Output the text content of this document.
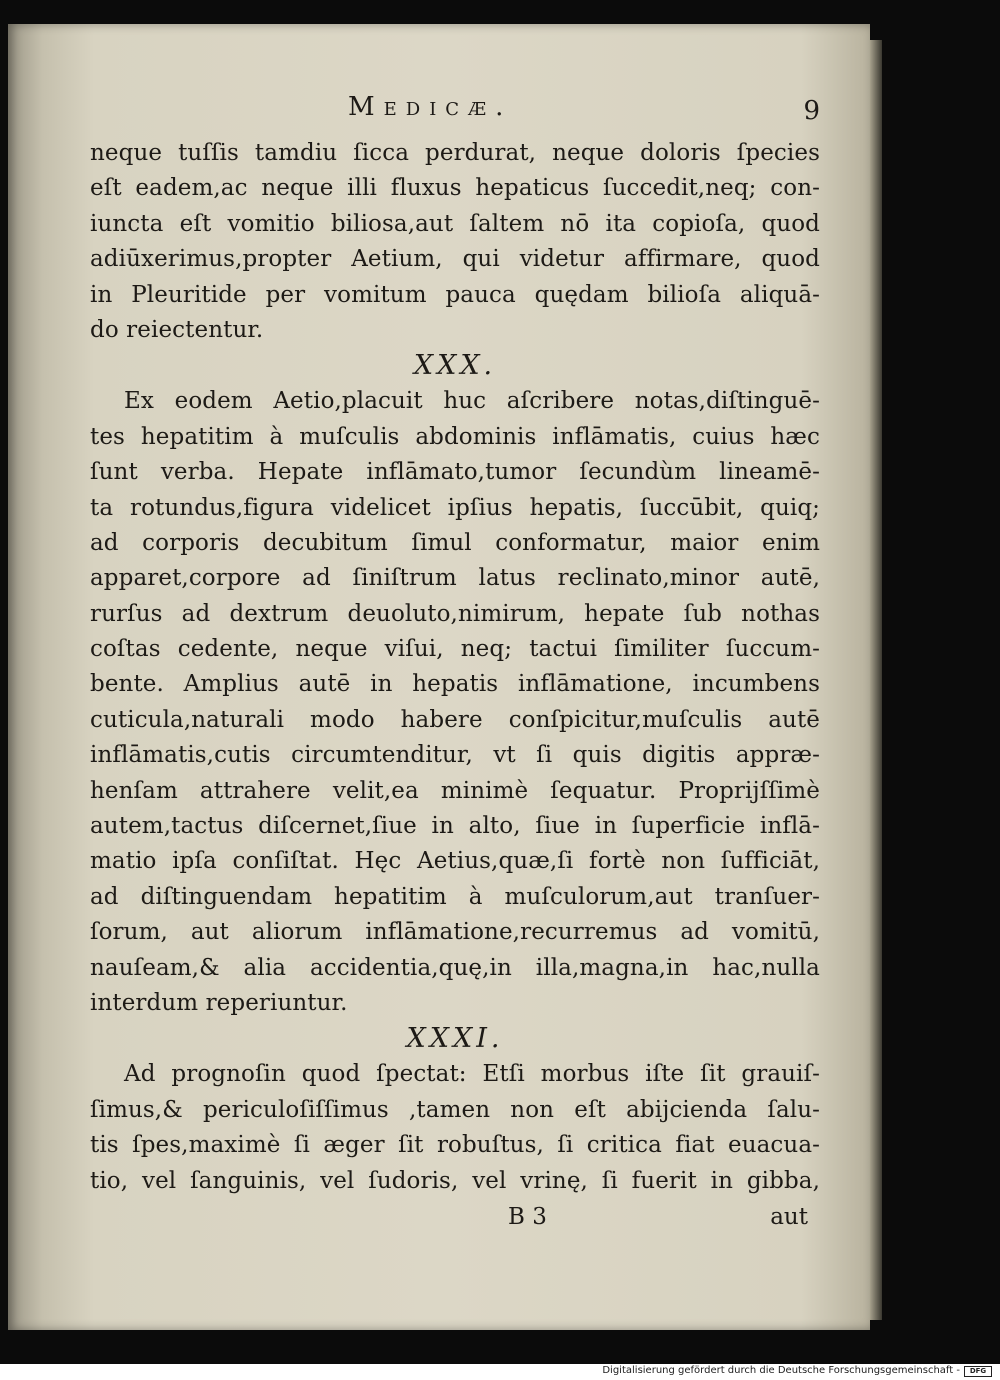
Medicæ.	9
neque tuſſis tamdiu ſicca perdurat, neque doloris ſpecies
eſt eadem,ac neque illi fluxus hepaticus ſuccedit,neq; con-
iuncta eſt vomitio biliosa,aut ſaltem nō ita copioſa, quod
adiūxerimus,propter Aetium, qui videtur affirmare, quod
in Pleuritide per vomitum pauca quędam bilioſa aliquā-
do reiectentur.
XXX.
Ex eodem Aetio,placuit huc aſcribere notas,diſtinguē-
tes hepatitim à muſculis abdominis inflāmatis, cuius hæc
ſunt verba. Hepate inflāmato,tumor ſecundùm lineamē-
ta rotundus,figura videlicet ipſius hepatis, ſuccūbit, quiq;
ad corporis decubitum ſimul conformatur, maior enim
apparet,corpore ad ſiniſtrum latus reclinato,minor autē,
rurſus ad dextrum deuoluto,nimirum, hepate ſub nothas
coſtas cedente, neque viſui, neq; tactui ſimiliter ſuccum-
bente. Amplius autē in hepatis inflāmatione, incumbens
cuticula,naturali modo habere conſpicitur,muſculis autē
inflāmatis,cutis circumtenditur, vt ſi quis digitis appræ-
henſam attrahere velit,ea minimè ſequatur. Proprijſſimè
autem,tactus diſcernet,ſiue in alto, ſiue in ſuperficie inflā-
matio ipſa conſiſtat. Hęc Aetius,quæ,ſi fortè non ſufficiāt,
ad diſtinguendam hepatitim à muſculorum,aut tranſuer-
ſorum, aut aliorum inflāmatione,recurremus ad vomitū,
nauſeam,& alia accidentia,quę,in illa,magna,in hac,nulla
interdum reperiuntur.
XXXI.
Ad prognoſin quod ſpectat: Etſi morbus iſte ſit grauiſ-
ſimus,& periculoſiſſimus ,tamen non eſt abijcienda ſalu-
tis ſpes,maximè ſi æger ſit robuſtus, ſi critica fiat euacua-
tio, vel ſanguinis, vel ſudoris, vel vrinę, ſi fuerit in gibba,
B 3	aut
Digitalisierung gefördert durch die Deutsche Forschungsgemeinschaft -	DFG
